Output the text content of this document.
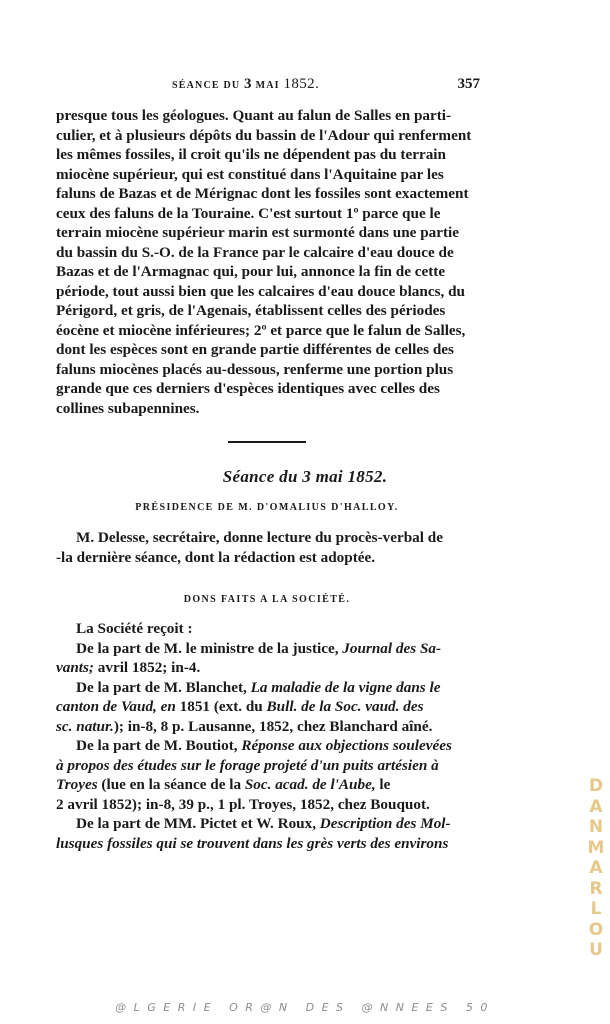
SÉANCE DU 3 MAI 1852.	357

presque tous les géologues. Quant au falun de Salles en parti-

culier, et à plusieurs dépôts du bassin de l'Adour qui renferment

les mêmes fossiles, il croit qu'ils ne dépendent pas du terrain

miocène supérieur, qui est constitué dans l'Aquitaine par les

faluns de Bazas et de Mérignac dont les fossiles sont exactement

ceux des faluns de la Touraine. C'est surtout 1º parce que le

terrain miocène supérieur marin est surmonté dans une partie

du bassin du S.-O. de la France par le calcaire d'eau douce de

Bazas et de l'Armagnac qui, pour lui, annonce la fin de cette

période, tout aussi bien que les calcaires d'eau douce blancs, du

Périgord, et gris, de l'Agenais, établissent celles des périodes

éocène et miocène inférieures; 2º et parce que le falun de Salles,

dont les espèces sont en grande partie différentes de celles des

faluns miocènes placés au-dessous, renferme une portion plus

grande que ces derniers d'espèces identiques avec celles des

collines subapennines.

Séance du 3 mai 1852.
PRÉSIDENCE DE M. D'OMALIUS D'HALLOY.

M. Delesse, secrétaire, donne lecture du procès-verbal de

-la dernière séance, dont la rédaction est adoptée.

DONS FAITS A LA SOCIÉTÉ.

La Société reçoit :

De la part de M. le ministre de la justice, Journal des Sa-

vants; avril 1852; in-4.

De la part de M. Blanchet, La maladie de la vigne dans le

canton de Vaud, en 1851 (ext. du Bull. de la Soc. vaud. des

sc. natur.); in-8, 8 p. Lausanne, 1852, chez Blanchard aîné.

De la part de M. Boutiot, Réponse aux objections soulevées

à propos des études sur le forage projeté d'un puits artésien à

Troyes (lue en la séance de la Soc. acad. de l'Aube, le

2 avril 1852); in-8, 39 p., 1 pl. Troyes, 1852, chez Bouquot.

De la part de MM. Pictet et W. Roux, Description des Mol-

lusques fossiles qui se trouvent dans les grès verts des environs

D
A
N
M
A
R
L
O
U
@LGERIE OR@N DES @NNEES 50
